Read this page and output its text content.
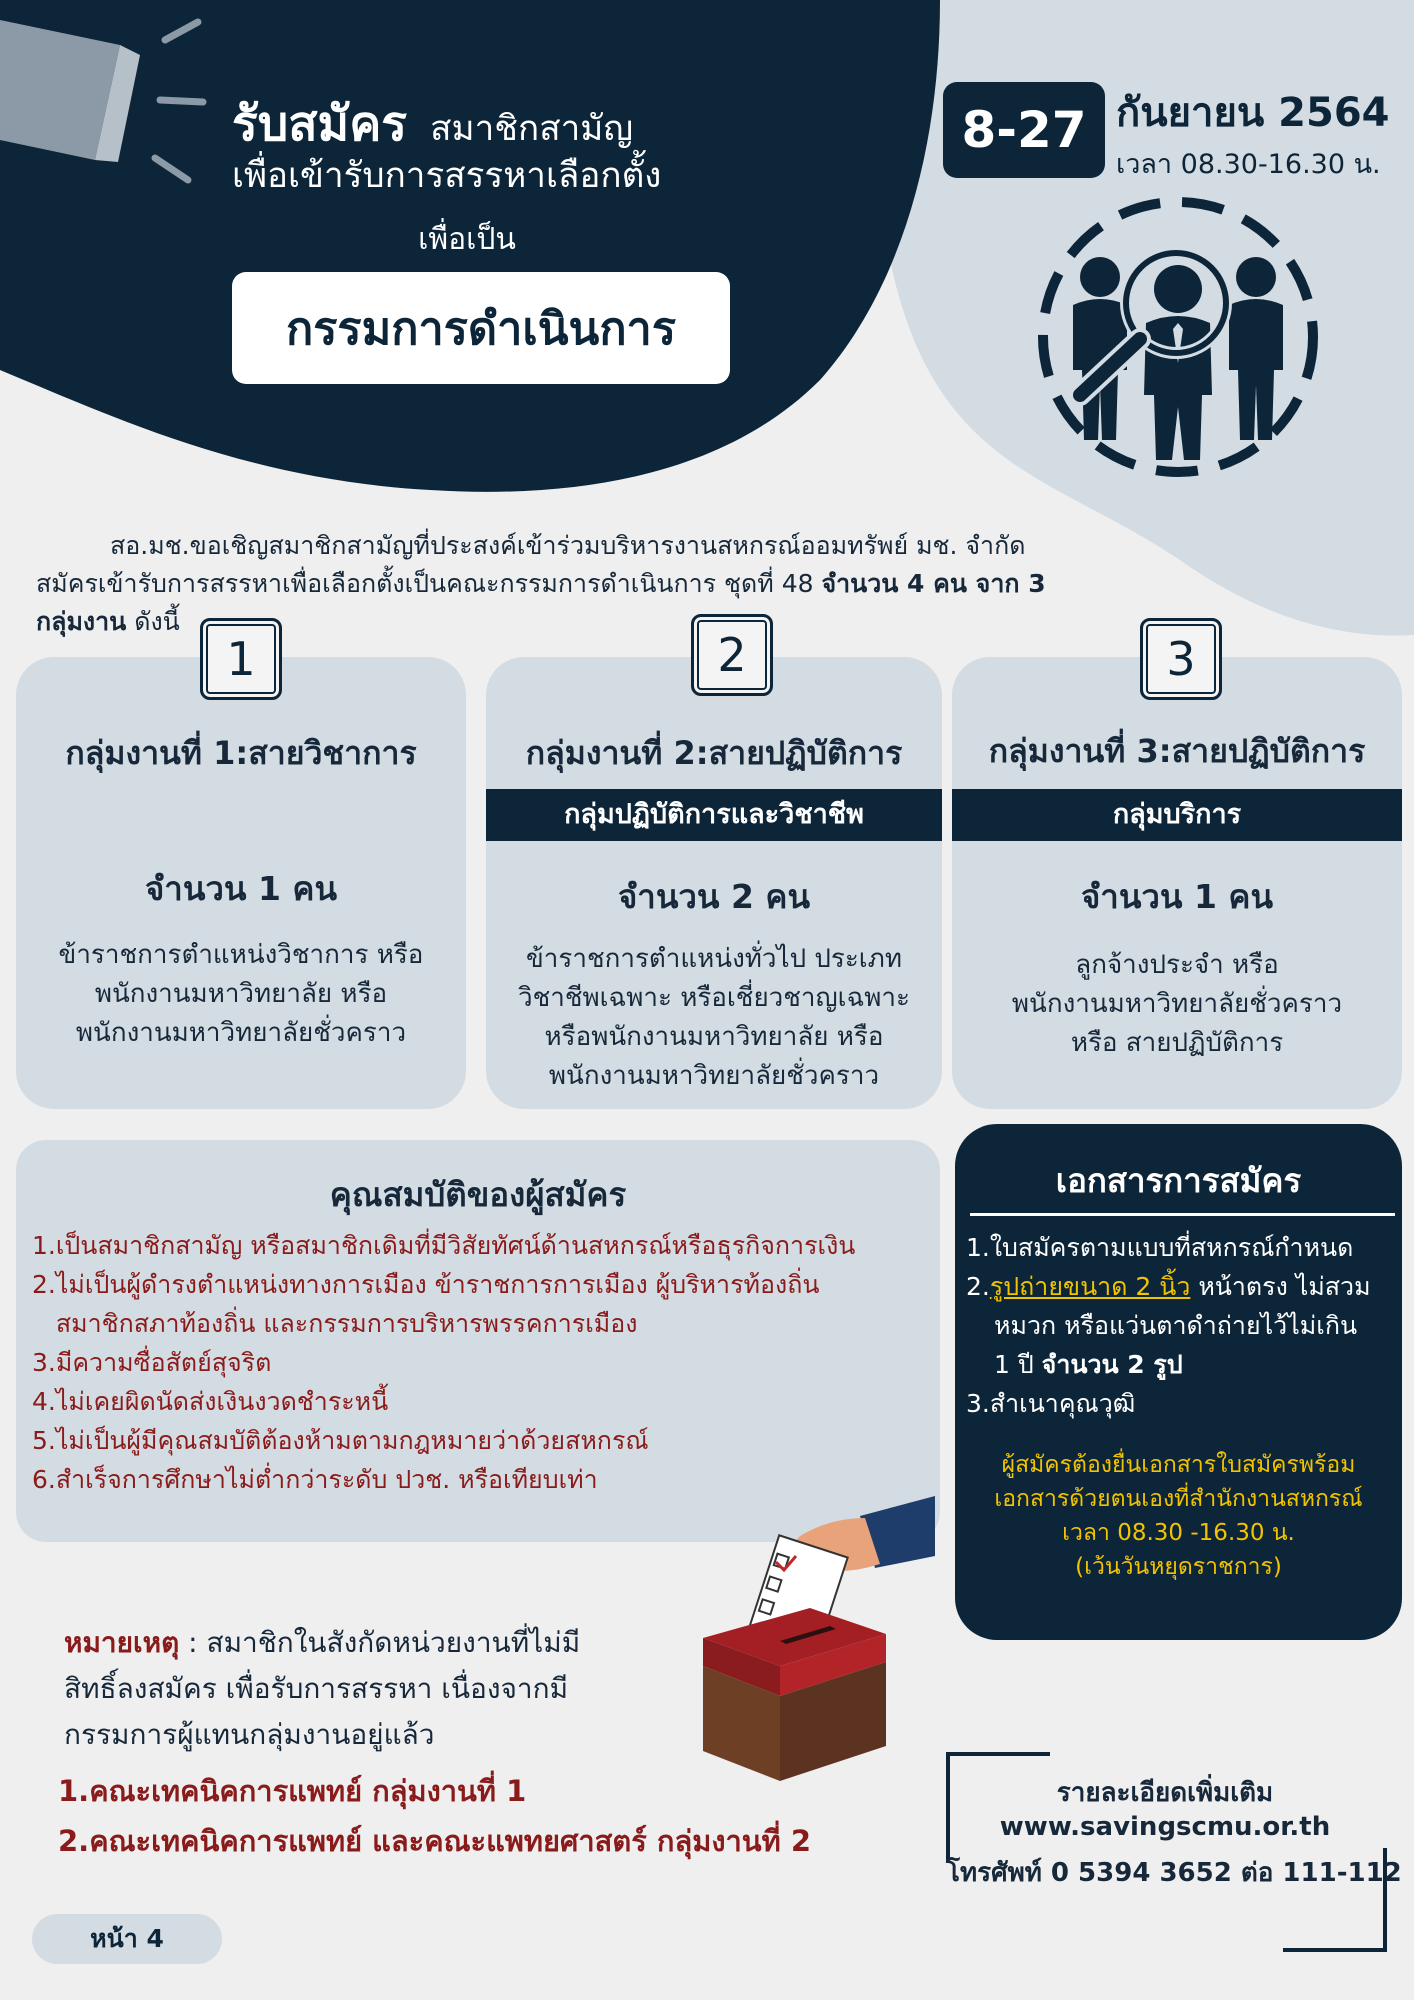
รับสมัคร สมาชิกสามัญ
เพื่อเข้ารับการสรรหาเลือกตั้ง
เพื่อเป็น
กรรมการดำเนินการ
8-27 กันยายน 2564
เวลา 08.30-16.30 น.
สอ.มช.ขอเชิญสมาชิกสามัญที่ประสงค์เข้าร่วมบริหารงานสหกรณ์ออมทรัพย์ มช. จำกัด
สมัครเข้ารับการสรรหาเพื่อเลือกตั้งเป็นคณะกรรมการดำเนินการ ชุดที่ 48 จำนวน 4 คน จาก 3
กลุ่มงาน ดังนี้
1	2	3
กลุ่มงานที่ 1:สายวิชาการ	กลุ่มงานที่ 2:สายปฏิบัติการ	กลุ่มงานที่ 3:สายปฏิบัติการ
กลุ่มปฏิบัติการและวิชาชีพ	กลุ่มบริการ
จำนวน 1 คน	จำนวน 2 คน	จำนวน 1 คน
ข้าราชการตำแหน่งวิชาการ หรือ
พนักงานมหาวิทยาลัย หรือ
พนักงานมหาวิทยาลัยชั่วคราว
ข้าราชการตำแหน่งทั่วไป ประเภท
วิชาชีพเฉพาะ หรือเชี่ยวชาญเฉพาะ
หรือพนักงานมหาวิทยาลัย หรือ
พนักงานมหาวิทยาลัยชั่วคราว
ลูกจ้างประจำ หรือ
พนักงานมหาวิทยาลัยชั่วคราว
หรือ สายปฏิบัติการ
คุณสมบัติของผู้สมัคร
1.เป็นสมาชิกสามัญ หรือสมาชิกเดิมที่มีวิสัยทัศน์ด้านสหกรณ์หรือธุรกิจการเงิน
2.ไม่เป็นผู้ดำรงตำแหน่งทางการเมือง ข้าราชการการเมือง ผู้บริหารท้องถิ่น
สมาชิกสภาท้องถิ่น และกรรมการบริหารพรรคการเมือง
3.มีความซื่อสัตย์สุจริต
4.ไม่เคยผิดนัดส่งเงินงวดชำระหนี้
5.ไม่เป็นผู้มีคุณสมบัติต้องห้ามตามกฎหมายว่าด้วยสหกรณ์
6.สำเร็จการศึกษาไม่ต่ำกว่าระดับ ปวช. หรือเทียบเท่า
เอกสารการสมัคร
1.ใบสมัครตามแบบที่สหกรณ์กำหนด
2.รูปถ่ายขนาด 2 นิ้ว หน้าตรง ไม่สวม
หมวก หรือแว่นตาดำถ่ายไว้ไม่เกิน
1 ปี จำนวน 2 รูป
3.สำเนาคุณวุฒิ
ผู้สมัครต้องยื่นเอกสารใบสมัครพร้อม
เอกสารด้วยตนเองที่สำนักงานสหกรณ์
เวลา 08.30 -16.30 น.
(เว้นวันหยุดราชการ)
หมายเหตุ : สมาชิกในสังกัดหน่วยงานที่ไม่มี
สิทธิ์ลงสมัคร เพื่อรับการสรรหา เนื่องจากมี
กรรมการผู้แทนกลุ่มงานอยู่แล้ว
1.คณะเทคนิคการแพทย์ กลุ่มงานที่ 1
2.คณะเทคนิคการแพทย์ และคณะแพทยศาสตร์ กลุ่มงานที่ 2
รายละเอียดเพิ่มเติม
www.savingscmu.or.th
โทรศัพท์ 0 5394 3652 ต่อ 111-112
หน้า 4
